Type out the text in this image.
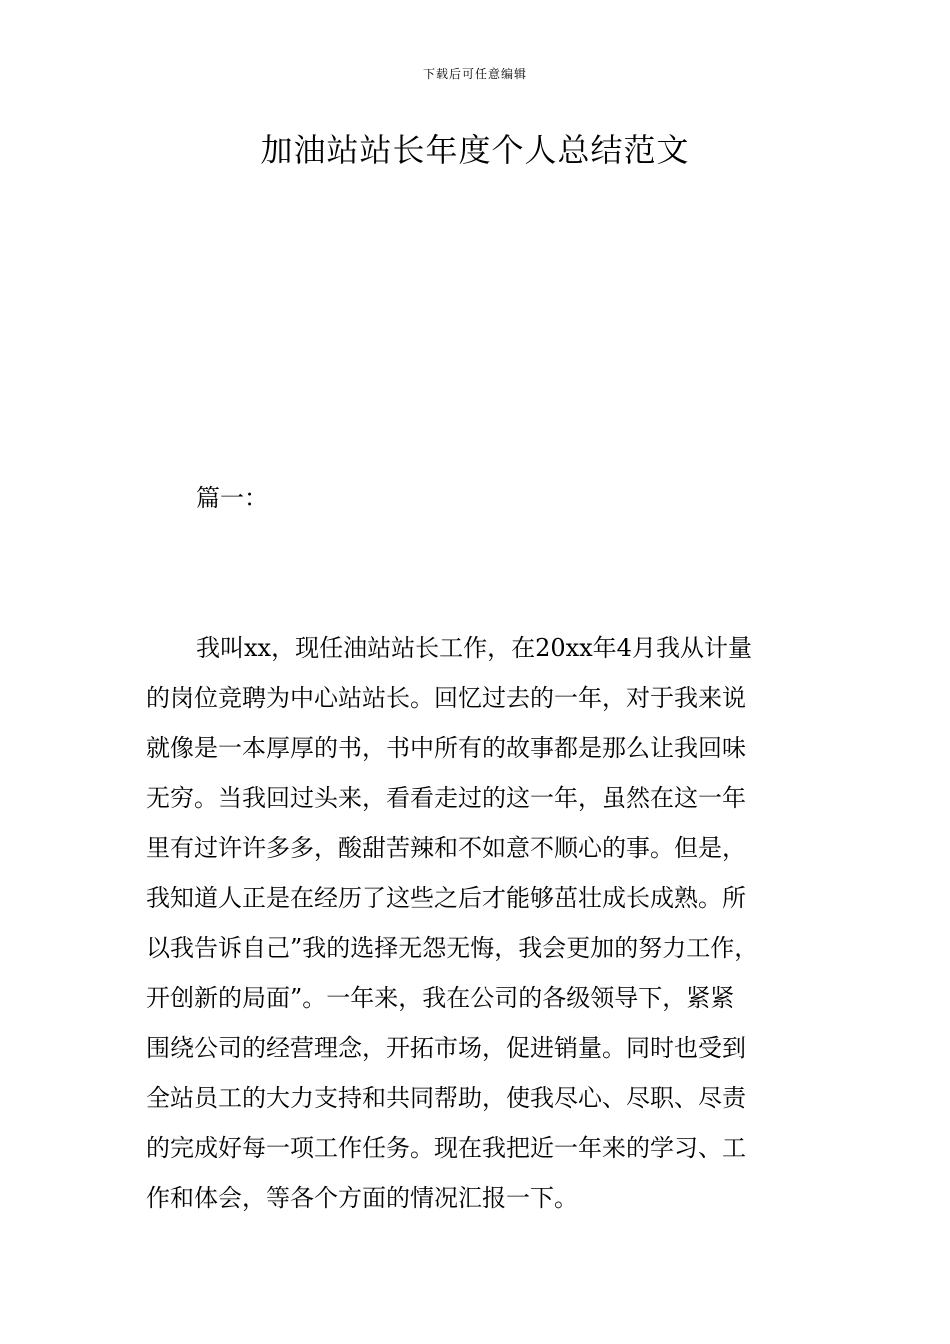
下载后可任意编辑
加油站站长年度个人总结范文
篇一：
我叫xx，现任油站站长工作，在20xx年4月我从计量
的岗位竞聘为中心站站长。回忆过去的一年，对于我来说
就像是一本厚厚的书，书中所有的故事都是那么让我回味
无穷。当我回过头来，看看走过的这一年，虽然在这一年
里有过许许多多，酸甜苦辣和不如意不顺心的事。但是，
我知道人正是在经历了这些之后才能够茁壮成长成熟。所
以我告诉自己”我的选择无怨无悔，我会更加的努力工作，
开创新的局面”。一年来，我在公司的各级领导下，紧紧
围绕公司的经营理念，开拓市场，促进销量。同时也受到
全站员工的大力支持和共同帮助，使我尽心、尽职、尽责
的完成好每一项工作任务。现在我把近一年来的学习、工
作和体会，等各个方面的情况汇报一下。
